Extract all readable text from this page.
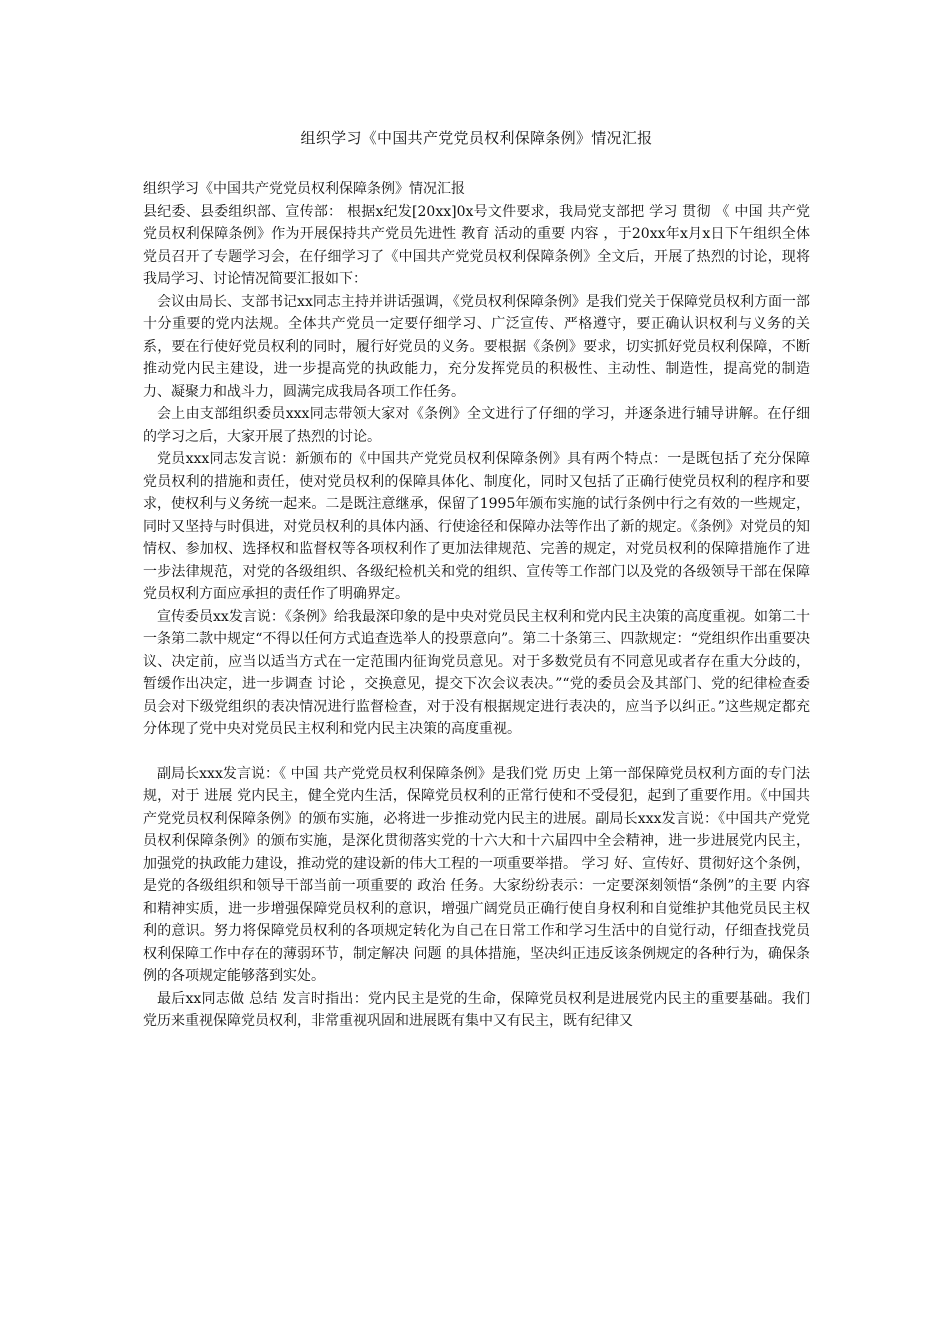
组织学习《中国共产党党员权利保障条例》情况汇报

组织学习《中国共产党党员权利保障条例》情况汇报

县纪委、县委组织部、宣传部： 根据x纪发[20xx]0x号文件要求，我局党支部把 学习 贯彻 《 中国 共产党党员权利保障条例》作为开展保持共产党员先进性 教育 活动的重要 内容 ，于20xx年x月x日下午组织全体党员召开了专题学习会，在仔细学习了《中国共产党党员权利保障条例》全文后，开展了热烈的讨论，现将我局学习、讨论情况简要汇报如下：

会议由局长、支部书记xx同志主持并讲话强调，《党员权利保障条例》是我们党关于保障党员权利方面一部十分重要的党内法规。全体共产党员一定要仔细学习、广泛宣传、严格遵守，要正确认识权利与义务的关系，要在行使好党员权利的同时，履行好党员的义务。要根据《条例》要求，切实抓好党员权利保障，不断推动党内民主建设，进一步提高党的执政能力，充分发挥党员的积极性、主动性、制造性，提高党的制造力、凝聚力和战斗力，圆满完成我局各项工作任务。

会上由支部组织委员xxx同志带领大家对《条例》全文进行了仔细的学习，并逐条进行辅导讲解。在仔细的学习之后，大家开展了热烈的讨论。

党员xxx同志发言说：新颁布的《中国共产党党员权利保障条例》具有两个特点：一是既包括了充分保障党员权利的措施和责任，使对党员权利的保障具体化、制度化，同时又包括了正确行使党员权利的程序和要求，使权利与义务统一起来。二是既注意继承，保留了1995年颁布实施的试行条例中行之有效的一些规定，同时又坚持与时俱进，对党员权利的具体内涵、行使途径和保障办法等作出了新的规定。《条例》对党员的知情权、参加权、选择权和监督权等各项权利作了更加法律规范、完善的规定，对党员权利的保障措施作了进一步法律规范，对党的各级组织、各级纪检机关和党的组织、宣传等工作部门以及党的各级领导干部在保障党员权利方面应承担的责任作了明确界定。

宣传委员xx发言说：《条例》给我最深印象的是中央对党员民主权利和党内民主决策的高度重视。如第二十一条第二款中规定“不得以任何方式追查选举人的投票意向”。第二十条第三、四款规定：“党组织作出重要决议、决定前，应当以适当方式在一定范围内征询党员意见。对于多数党员有不同意见或者存在重大分歧的，暂缓作出决定，进一步调查 讨论 ，交换意见，提交下次会议表决。”“党的委员会及其部门、党的纪律检查委员会对下级党组织的表决情况进行监督检查，对于没有根据规定进行表决的，应当予以纠正。”这些规定都充分体现了党中央对党员民主权利和党内民主决策的高度重视。

副局长xxx发言说：《 中国 共产党党员权利保障条例》是我们党 历史 上第一部保障党员权利方面的专门法规，对于 进展 党内民主，健全党内生活，保障党员权利的正常行使和不受侵犯，起到了重要作用。《中国共产党党员权利保障条例》的颁布实施，必将进一步推动党内民主的进展。副局长xxx发言说：《中国共产党党员权利保障条例》的颁布实施，是深化贯彻落实党的十六大和十六届四中全会精神，进一步进展党内民主，加强党的执政能力建设，推动党的建设新的伟大工程的一项重要举措。 学习 好、宣传好、贯彻好这个条例，是党的各级组织和领导干部当前一项重要的 政治 任务。大家纷纷表示：一定要深刻领悟“条例”的主要 内容 和精神实质，进一步增强保障党员权利的意识，增强广阔党员正确行使自身权利和自觉维护其他党员民主权利的意识。努力将保障党员权利的各项规定转化为自己在日常工作和学习生活中的自觉行动，仔细查找党员权利保障工作中存在的薄弱环节，制定解决 问题 的具体措施，坚决纠正违反该条例规定的各种行为，确保条例的各项规定能够落到实处。

最后xx同志做 总结 发言时指出：党内民主是党的生命，保障党员权利是进展党内民主的重要基础。我们党历来重视保障党员权利，非常重视巩固和进展既有集中又有民主，既有纪律又
